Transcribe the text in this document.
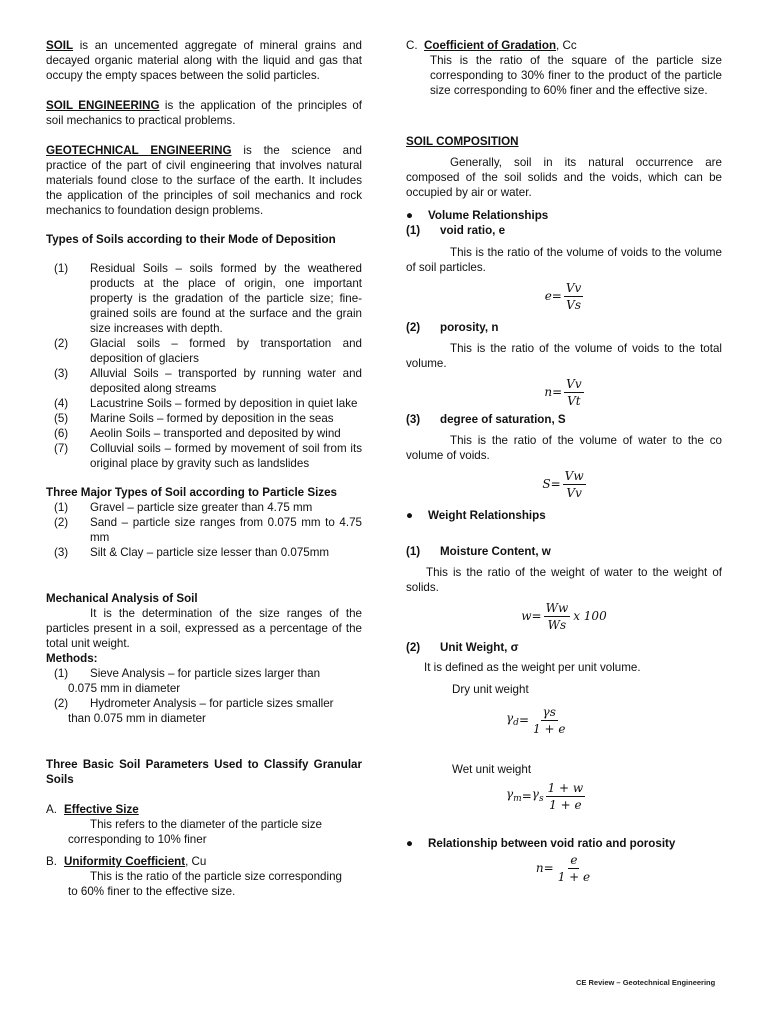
SOIL is an uncemented aggregate of mineral grains and decayed organic material along with the liquid and gas that occupy the empty spaces between the solid particles.

SOIL ENGINEERING is the application of the principles of soil mechanics to practical problems.

GEOTECHNICAL ENGINEERING is the science and practice of the part of civil engineering that involves natural materials found close to the surface of the earth. It includes the application of the principles of soil mechanics and rock mechanics to foundation design problems.

Types of Soils according to their Mode of Deposition

(1)	Residual Soils – soils formed by the weathered products at the place of origin, one important property is the gradation of the particle size; fine-grained soils are found at the surface and the grain size increases with depth.
(2)	Glacial soils – formed by transportation and deposition of glaciers
(3)	Alluvial Soils – transported by running water and deposited along streams
(4)	Lacustrine Soils – formed by deposition in quiet lake
(5)	Marine Soils – formed by deposition in the seas
(6)	Aeolin Soils – transported and deposited by wind
(7)	Colluvial soils – formed by movement of soil from its original place by gravity such as landslides

Three Major Types of Soil according to Particle Sizes

(1)	Gravel – particle size greater than 4.75 mm
(2)	Sand – particle size ranges from 0.075 mm to 4.75 mm
(3)	Silt & Clay – particle size lesser than 0.075mm

Mechanical Analysis of Soil

It is the determination of the size ranges of the particles present in a soil, expressed as a percentage of the total unit weight.

Methods:

(1)	Sieve Analysis – for particle sizes larger than
0.075 mm in diameter
(2)	Hydrometer Analysis – for particle sizes smaller
than 0.075 mm in diameter

Three Basic Soil Parameters Used to Classify Granular Soils

A. Effective Size
This refers to the diameter of the particle size
corresponding to 10% finer
B. Uniformity Coefficient, Cu
This is the ratio of the particle size corresponding
to 60% finer to the effective size.
C. Coefficient of Gradation, Cc

This is the ratio of the square of the particle size corresponding to 30% finer to the product of the particle size corresponding to 60% finer and the effective size.

SOIL COMPOSITION

Generally, soil in its natural occurrence are composed of the soil solids and the voids, which can be occupied by air or water.

●	Volume Relationships
(1)	void ratio, e

This is the ratio of the volume of voids to the volume of soil particles.

$e = \frac{Vv}{Vs}$
(2)	porosity, n

This is the ratio of the volume of voids to the total volume.

$n = \frac{Vv}{Vt}$
(3)	degree of saturation, S

This is the ratio of the volume of water to the co volume of voids.

$S = \frac{Vw}{Vv}$
●	Weight Relationships
(1)	Moisture Content, w

This is the ratio of the weight of water to the weight of solids.

$w = \frac{Ww}{Ws}$ x 100
(2)	Unit Weight, σ

It is defined as the weight per unit volume.

Dry unit weight

$\gamma_d = \frac{\gamma s}{1 + e}$

Wet unit weight

$\gamma_m = \gamma_s \frac{1 + w}{1 + e}$
●	Relationship between void ratio and porosity
$n = \frac{e}{1 + e}$
CE Review – Geotechnical Engineering
